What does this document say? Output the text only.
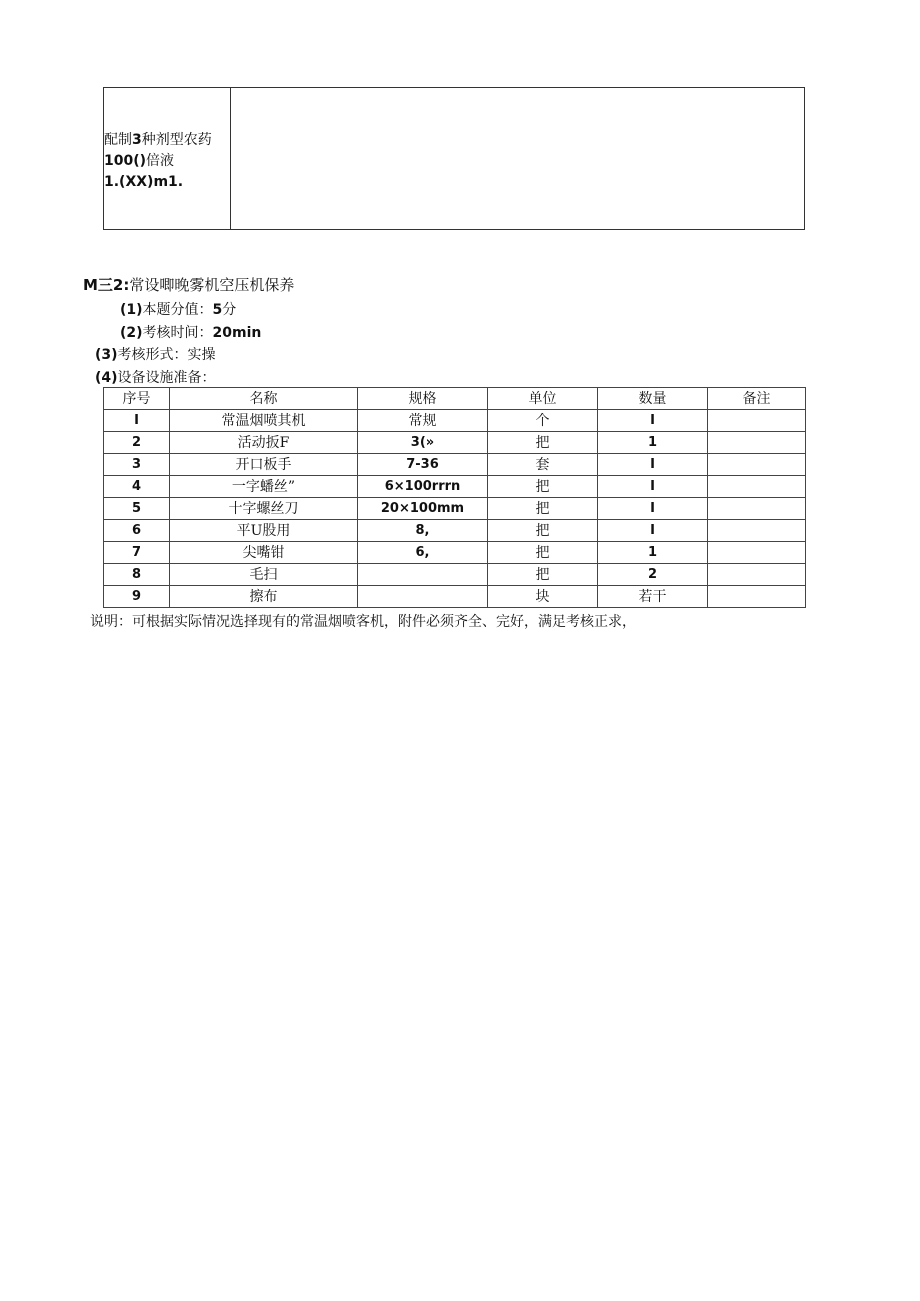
配制3种剂型农药
100()倍液
1.(XX)m1.
M三2:常设唧晚雾机空压机保养
(1)本题分值：5分
(2)考核时间：20min
(3)考核形式：实操
(4)设备设施准备：
序号	名称	规格	单位	数量	备注
I	常温烟喷其机	常规	个	I	
2	活动扳F	3(»	把	1	
3	开口板手	7-36	套	I	
4	一字蟠丝”	6×100rrrn	把	I	
5	十字螺丝刀	20×100mm	把	I	
6	平U股用	8,	把	I	
7	尖嘴钳	6,	把	1	
8	毛扫		把	2	
9	擦布		块	若干	
说明：可根据实际情况选择现有的常温烟喷客机，附件必须齐全、完好，满足考核正求，
